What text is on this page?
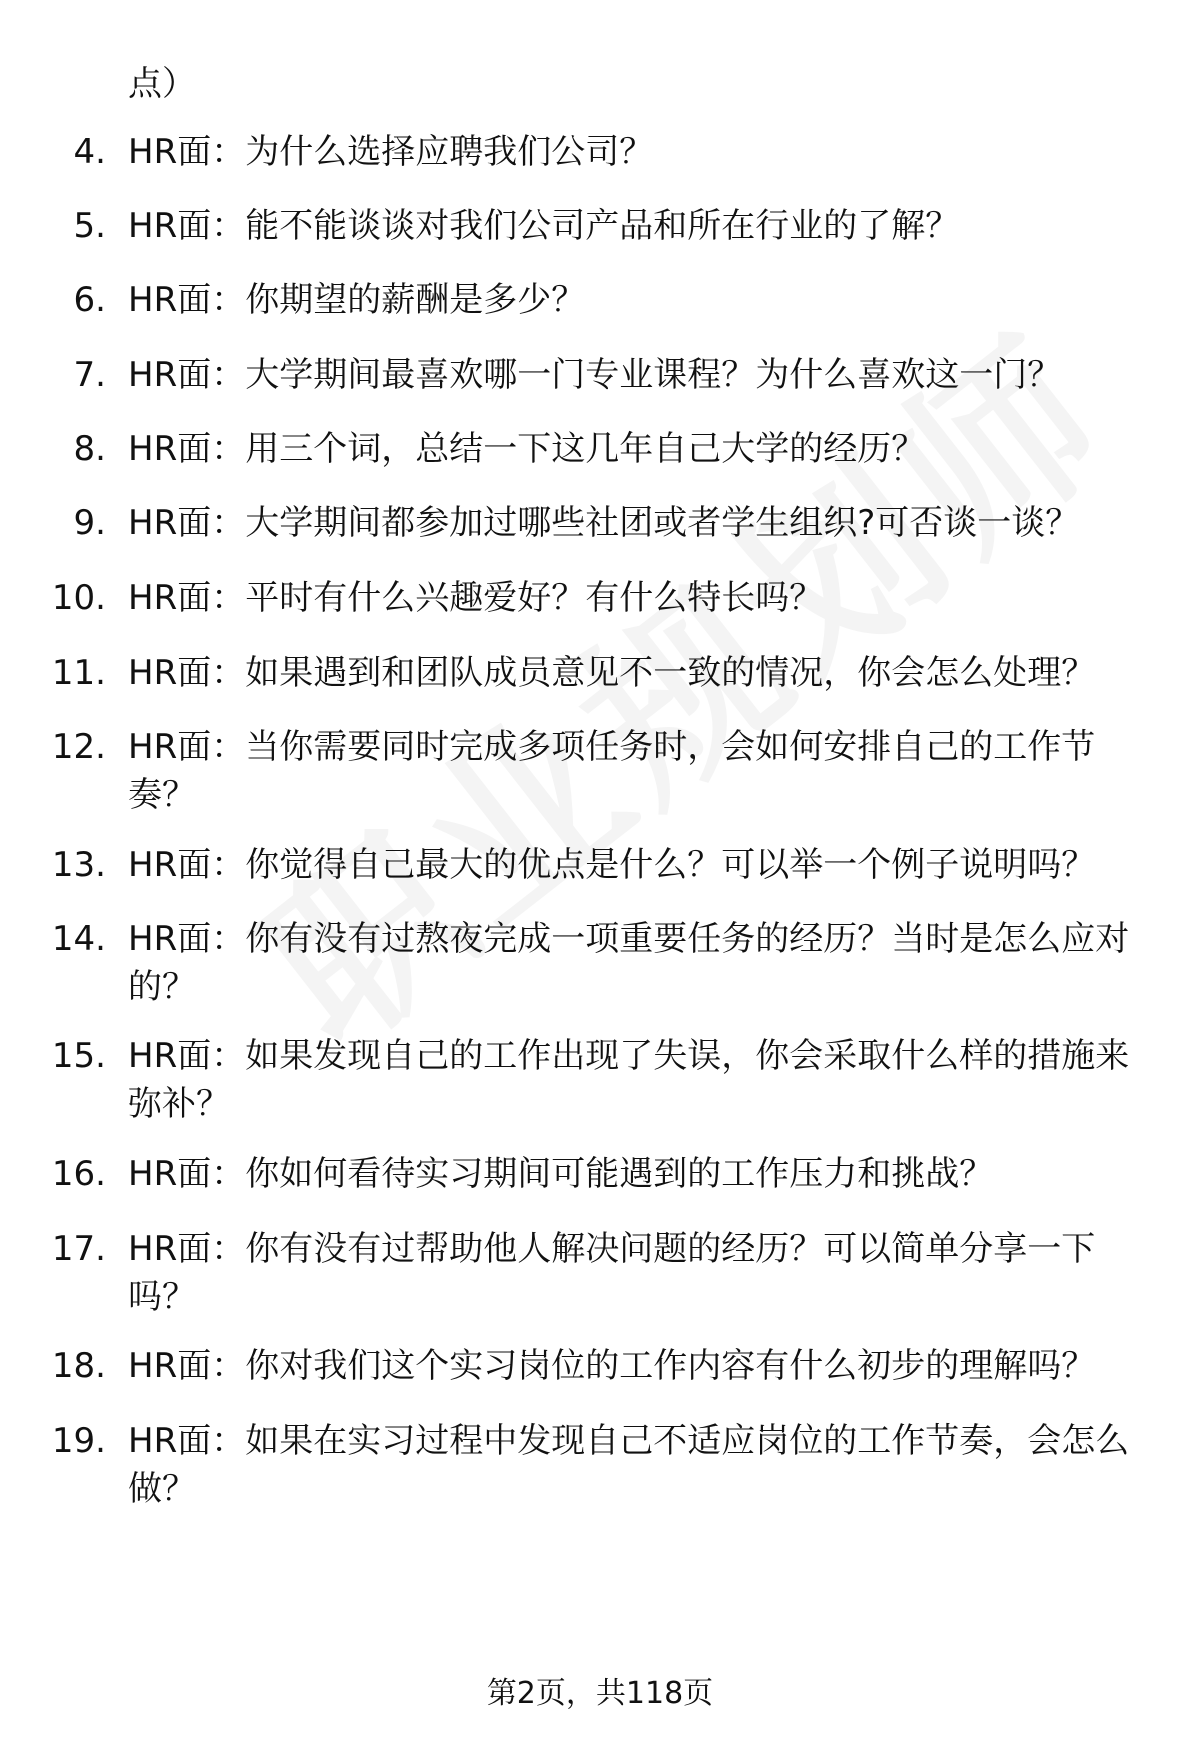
点）
4. HR面：为什么选择应聘我们公司？
5. HR面：能不能谈谈对我们公司产品和所在行业的了解？
6. HR面：你期望的薪酬是多少？
7. HR面：大学期间最喜欢哪一门专业课程？为什么喜欢这一门？
8. HR面：用三个词，总结一下这几年自己大学的经历？
9. HR面：大学期间都参加过哪些社团或者学生组织?可否谈一谈？
10. HR面：平时有什么兴趣爱好？有什么特长吗？
11. HR面：如果遇到和团队成员意见不一致的情况，你会怎么处理？
12. HR面：当你需要同时完成多项任务时，会如何安排自己的工作节奏？
13. HR面：你觉得自己最大的优点是什么？可以举一个例子说明吗？
14. HR面：你有没有过熬夜完成一项重要任务的经历？当时是怎么应对的？
15. HR面：如果发现自己的工作出现了失误，你会采取什么样的措施来弥补？
16. HR面：你如何看待实习期间可能遇到的工作压力和挑战？
17. HR面：你有没有过帮助他人解决问题的经历？可以简单分享一下吗？
18. HR面：你对我们这个实习岗位的工作内容有什么初步的理解吗？
19. HR面：如果在实习过程中发现自己不适应岗位的工作节奏，会怎么做？
第2页，共118页
